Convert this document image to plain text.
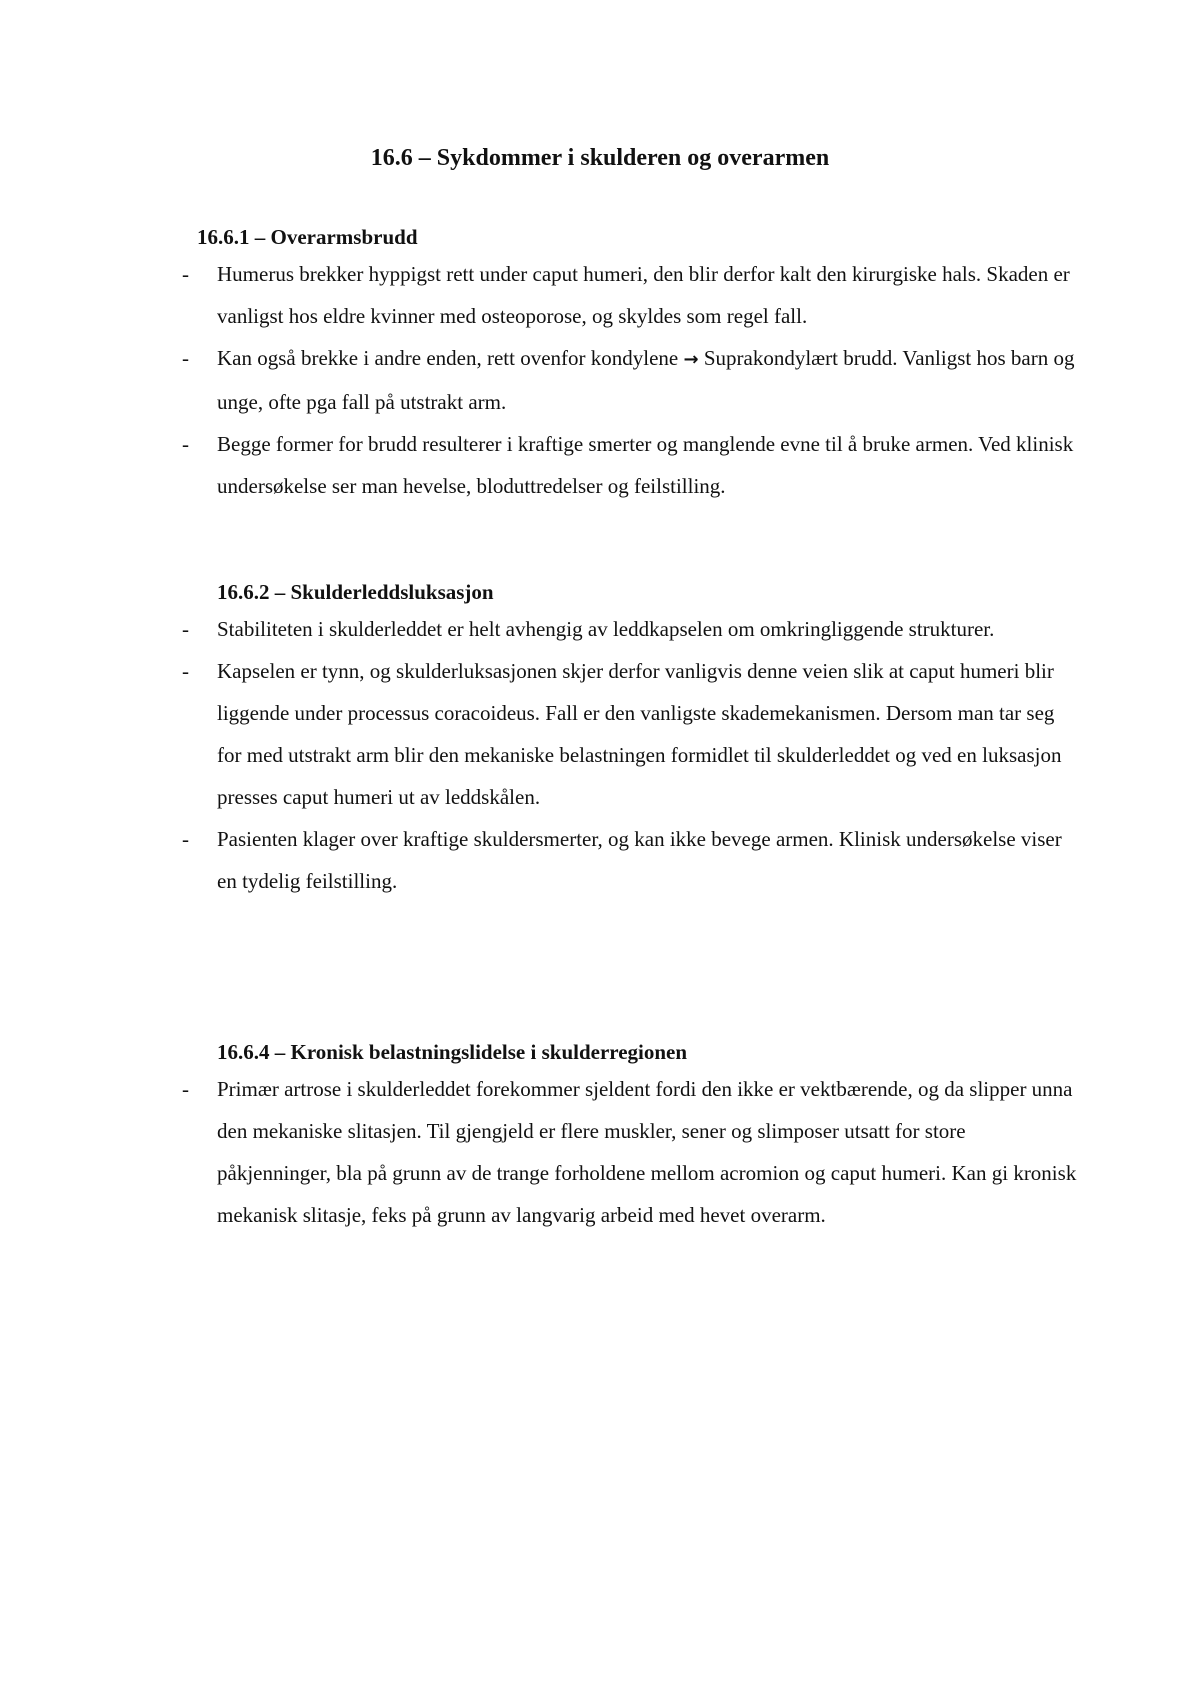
16.6 – Sykdommer i skulderen og overarmen
16.6.1 – Overarmsbrudd
- Humerus brekker hyppigst rett under caput humeri, den blir derfor kalt den kirurgiske hals. Skaden er vanligst hos eldre kvinner med osteoporose, og skyldes som regel fall.
- Kan også brekke i andre enden, rett ovenfor kondylene → Suprakondylært brudd. Vanligst hos barn og unge, ofte pga fall på utstrakt arm.
- Begge former for brudd resulterer i kraftige smerter og manglende evne til å bruke armen. Ved klinisk undersøkelse ser man hevelse, bloduttredelser og feilstilling.
16.6.2 – Skulderleddsluksasjon
- Stabiliteten i skulderleddet er helt avhengig av leddkapselen om omkringliggende strukturer.
- Kapselen er tynn, og skulderluksasjonen skjer derfor vanligvis denne veien slik at caput humeri blir liggende under processus coracoideus. Fall er den vanligste skademekanismen. Dersom man tar seg for med utstrakt arm blir den mekaniske belastningen formidlet til skulderleddet og ved en luksasjon presses caput humeri ut av leddskålen.
- Pasienten klager over kraftige skuldersmerter, og kan ikke bevege armen. Klinisk undersøkelse viser en tydelig feilstilling.
16.6.4 – Kronisk belastningslidelse i skulderregionen
- Primær artrose i skulderleddet forekommer sjeldent fordi den ikke er vektbærende, og da slipper unna den mekaniske slitasjen. Til gjengjeld er flere muskler, sener og slimposer utsatt for store påkjenninger, bla på grunn av de trange forholdene mellom acromion og caput humeri. Kan gi kronisk mekanisk slitasje, feks på grunn av langvarig arbeid med hevet overarm.
